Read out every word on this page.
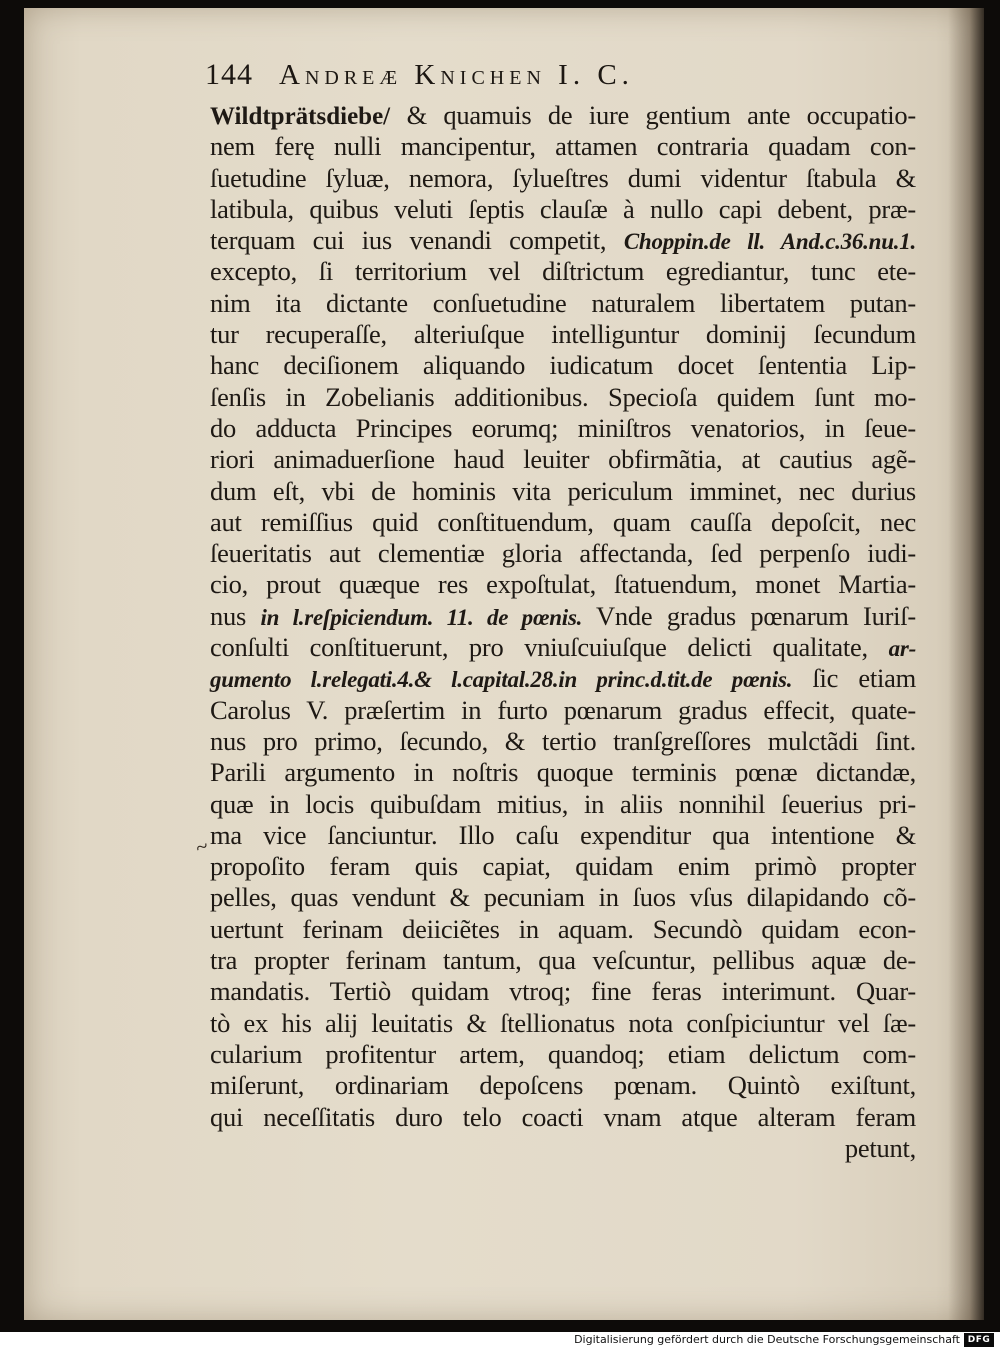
144 Andreæ Knichen I. C.
~
Wildtprätsdiebe/ & quamuis de iure gentium ante occupatio-
nem ferę nulli mancipentur, attamen contraria quadam con-
ſuetudine ſyluæ, nemora, ſylueſtres dumi videntur ſtabula &
latibula, quibus veluti ſeptis clauſæ à nullo capi debent, præ-
terquam cui ius venandi competit, Choppin.de ll. And.c.36.nu.1.
excepto, ſi territorium vel diſtrictum egrediantur, tunc ete-
nim ita dictante conſuetudine naturalem libertatem putan-
tur recuperaſſe, alteriuſque intelliguntur dominij ſecundum
hanc deciſionem aliquando iudicatum docet ſententia Lip-
ſenſis in Zobelianis additionibus. Specioſa quidem ſunt mo-
do adducta Principes eorumq; miniſtros venatorios, in ſeue-
riori animaduerſione haud leuiter obfirmãtia, at cautius agẽ-
dum eſt, vbi de hominis vita periculum imminet, nec durius
aut remiſſius quid conſtituendum, quam cauſſa depoſcit, nec
ſeueritatis aut clementiæ gloria affectanda, ſed perpenſo iudi-
cio, prout quæque res expoſtulat, ſtatuendum, monet Martia-
nus in l.reſpiciendum. 11. de pœnis. Vnde gradus pœnarum Iuriſ-
conſulti conſtituerunt, pro vniuſcuiuſque delicti qualitate, ar-
gumento l.relegati.4.& l.capital.28.in princ.d.tit.de pœnis. ſic etiam
Carolus V. præſertim in furto pœnarum gradus effecit, quate-
nus pro primo, ſecundo, & tertio tranſgreſſores mulctãdi ſint.
Parili argumento in noſtris quoque terminis pœnæ dictandæ,
quæ in locis quibuſdam mitius, in aliis nonnihil ſeuerius pri-
ma vice ſanciuntur. Illo caſu expenditur qua intentione &
propoſito feram quis capiat, quidam enim primò propter
pelles, quas vendunt & pecuniam in ſuos vſus dilapidando cõ-
uertunt ferinam deiiciẽtes in aquam. Secundò quidam econ-
tra propter ferinam tantum, qua veſcuntur, pellibus aquæ de-
mandatis. Tertiò quidam vtroq; fine feras interimunt. Quar-
tò ex his alij leuitatis & ſtellionatus nota conſpiciuntur vel ſæ-
cularium profitentur artem, quandoq; etiam delictum com-
miſerunt, ordinariam depoſcens pœnam. Quintò exiſtunt,
qui neceſſitatis duro telo coacti vnam atque alteram feram
petunt,
Digitalisierung gefördert durch die Deutsche Forschungsgemeinschaft DFG
